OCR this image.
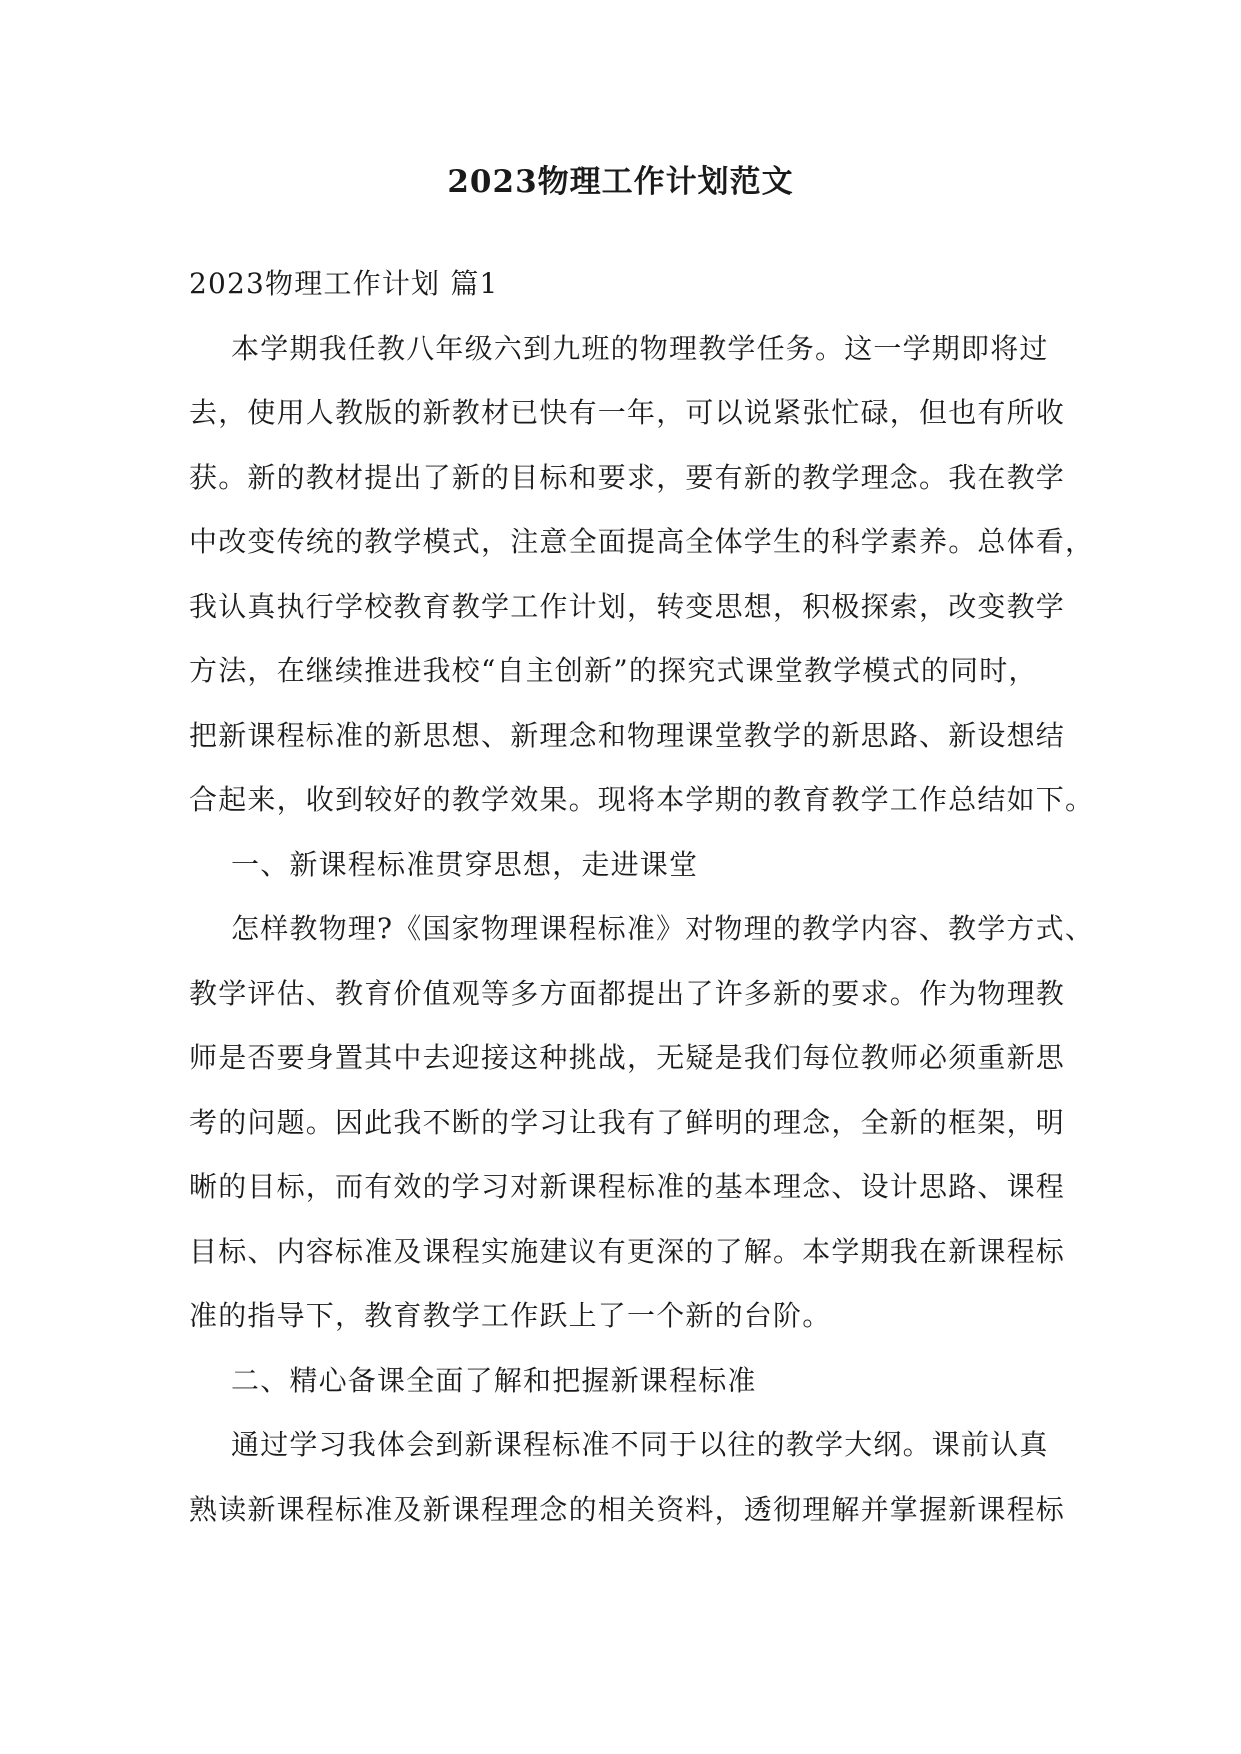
2023物理工作计划范文
2023物理工作计划 篇1
本学期我任教八年级六到九班的物理教学任务。这一学期即将过
去，使用人教版的新教材已快有一年，可以说紧张忙碌，但也有所收
获。新的教材提出了新的目标和要求，要有新的教学理念。我在教学
中改变传统的教学模式，注意全面提高全体学生的科学素养。总体看，
我认真执行学校教育教学工作计划，转变思想，积极探索，改变教学
方法，在继续推进我校“自主创新”的探究式课堂教学模式的同时，
把新课程标准的新思想、新理念和物理课堂教学的新思路、新设想结
合起来，收到较好的教学效果。现将本学期的教育教学工作总结如下。
一、新课程标准贯穿思想，走进课堂
怎样教物理?《国家物理课程标准》对物理的教学内容、教学方式、
教学评估、教育价值观等多方面都提出了许多新的要求。作为物理教
师是否要身置其中去迎接这种挑战，无疑是我们每位教师必须重新思
考的问题。因此我不断的学习让我有了鲜明的理念，全新的框架，明
晰的目标，而有效的学习对新课程标准的基本理念、设计思路、课程
目标、内容标准及课程实施建议有更深的了解。本学期我在新课程标
准的指导下，教育教学工作跃上了一个新的台阶。
二、精心备课全面了解和把握新课程标准
通过学习我体会到新课程标准不同于以往的教学大纲。课前认真
熟读新课程标准及新课程理念的相关资料，透彻理解并掌握新课程标
